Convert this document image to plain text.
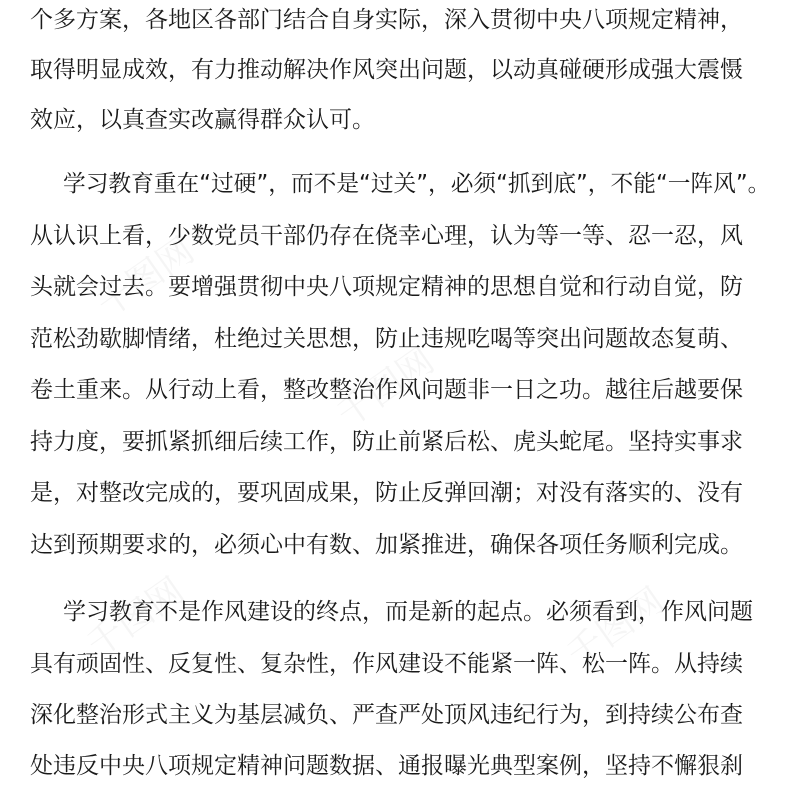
千图网
千图网
千图网	千图网
个多方案，各地区各部门结合自身实际，深入贯彻中央八项规定精神，
取得明显成效，有力推动解决作风突出问题，以动真碰硬形成强大震慑
效应，以真查实改赢得群众认可。
学习教育重在“过硬”，而不是“过关”，必须“抓到底”，不能“一阵风”。
从认识上看，少数党员干部仍存在侥幸心理，认为等一等、忍一忍，风
头就会过去。要增强贯彻中央八项规定精神的思想自觉和行动自觉，防
范松劲歇脚情绪，杜绝过关思想，防止违规吃喝等突出问题故态复萌、
卷土重来。从行动上看，整改整治作风问题非一日之功。越往后越要保
持力度，要抓紧抓细后续工作，防止前紧后松、虎头蛇尾。坚持实事求
是，对整改完成的，要巩固成果，防止反弹回潮；对没有落实的、没有
达到预期要求的，必须心中有数、加紧推进，确保各项任务顺利完成。
学习教育不是作风建设的终点，而是新的起点。必须看到，作风问题
具有顽固性、反复性、复杂性，作风建设不能紧一阵、松一阵。从持续
深化整治形式主义为基层减负、严查严处顶风违纪行为，到持续公布查
处违反中央八项规定精神问题数据、通报曝光典型案例，坚持不懈狠刹
